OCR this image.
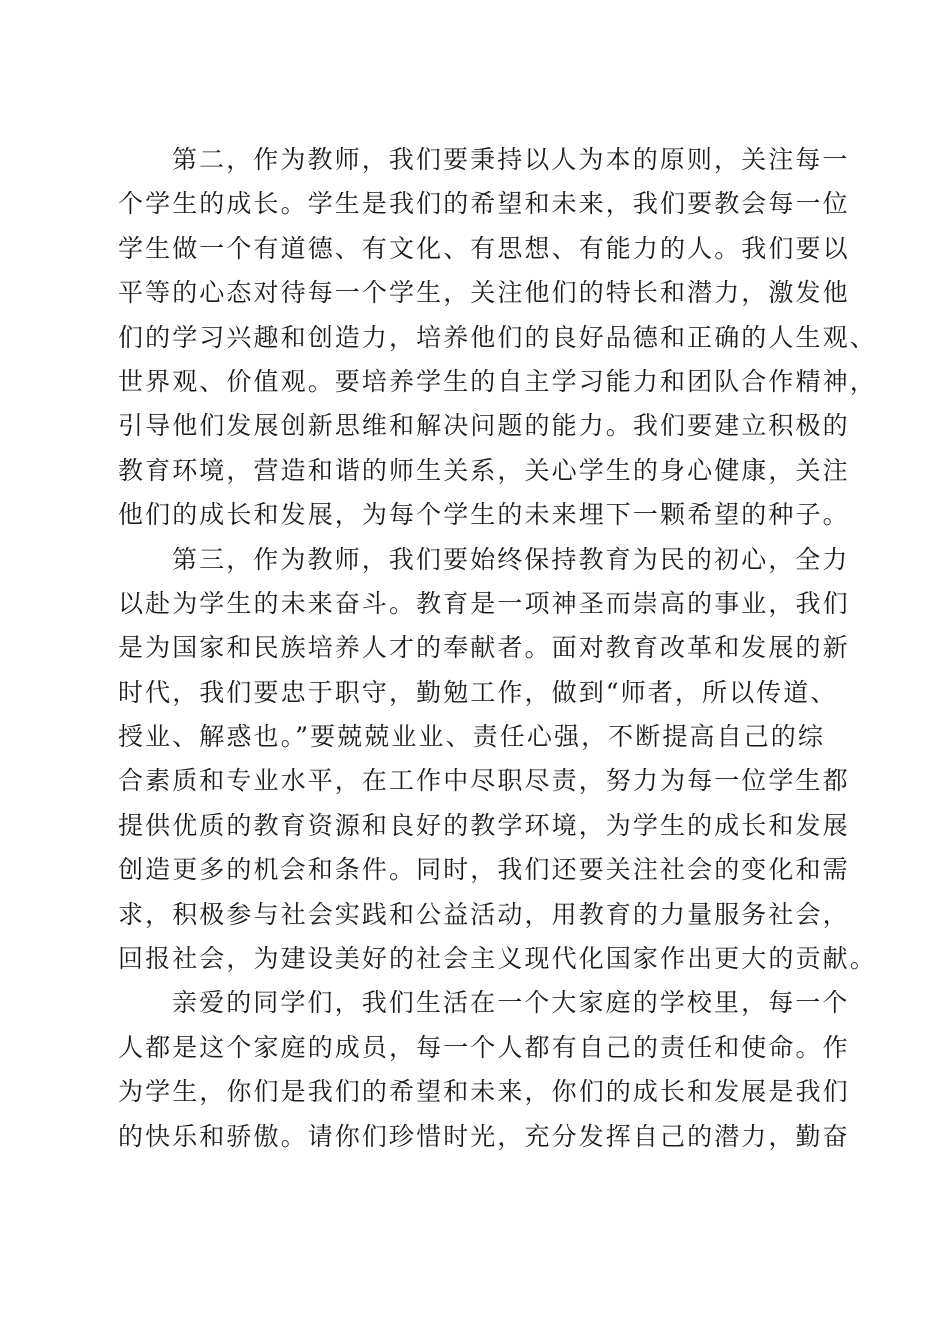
第二，作为教师，我们要秉持以人为本的原则，关注每一
个学生的成长。学生是我们的希望和未来，我们要教会每一位
学生做一个有道德、有文化、有思想、有能力的人。我们要以
平等的心态对待每一个学生，关注他们的特长和潜力，激发他
们的学习兴趣和创造力，培养他们的良好品德和正确的人生观、
世界观、价值观。要培养学生的自主学习能力和团队合作精神，
引导他们发展创新思维和解决问题的能力。我们要建立积极的
教育环境，营造和谐的师生关系，关心学生的身心健康，关注
他们的成长和发展，为每个学生的未来埋下一颗希望的种子。
第三，作为教师，我们要始终保持教育为民的初心，全力
以赴为学生的未来奋斗。教育是一项神圣而崇高的事业，我们
是为国家和民族培养人才的奉献者。面对教育改革和发展的新
时代，我们要忠于职守，勤勉工作，做到“师者，所以传道、
授业、解惑也。”要兢兢业业、责任心强，不断提高自己的综
合素质和专业水平，在工作中尽职尽责，努力为每一位学生都
提供优质的教育资源和良好的教学环境，为学生的成长和发展
创造更多的机会和条件。同时，我们还要关注社会的变化和需
求，积极参与社会实践和公益活动，用教育的力量服务社会，
回报社会，为建设美好的社会主义现代化国家作出更大的贡献。
亲爱的同学们，我们生活在一个大家庭的学校里，每一个
人都是这个家庭的成员，每一个人都有自己的责任和使命。作
为学生，你们是我们的希望和未来，你们的成长和发展是我们
的快乐和骄傲。请你们珍惜时光，充分发挥自己的潜力，勤奋
